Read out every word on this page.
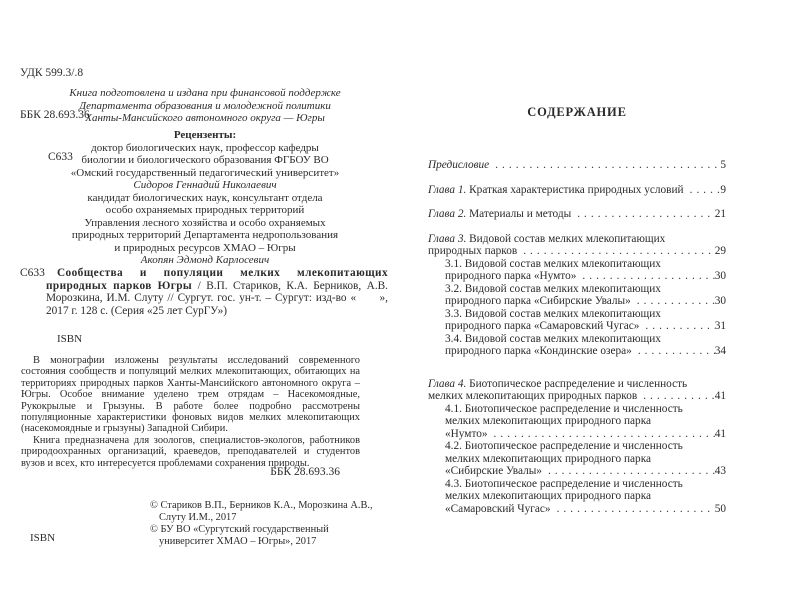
УДК 599.3/.8

ББК 28.693.36

С633

Книга подготовлена и издана при финансовой поддержке
Департамента образования и молодежной политики
Ханты-Мансийского автономного округа — Югры
Рецензенты:
доктор биологических наук, профессор кафедры
биологии и биологического образования ФГБОУ ВО
«Омский государственный педагогический университет»
Сидоров Геннадий Николаевич
кандидат биологических наук, консультант отдела
особо охраняемых природных территорий
Управления лесного хозяйства и особо охраняемых
природных территорий Департамента недропользования
и природных ресурсов ХМАО – Югры
Акопян Эдмонд Карлосевич
С633	Сообщества и популяции мелких млекопитающих природных парков Югры / В.П. Стариков, К.А. Берников, А.В. Морозкина, И.М. Слуту // Сургут. гос. ун-т. – Сургут: изд-во «      », 2017 г. 128 с. (Серия «25 лет СурГУ»)
ISBN

В монографии изложены результаты исследований современного состояния сообществ и популяций мелких млекопитающих, обитающих на территориях природных парков Ханты-Мансийского автономного округа – Югры. Особое внимание уделено трем отрядам – Насекомоядные, Рукокрылые и Грызуны. В работе более подробно рассмотрены популяционные характеристики фоновых видов мелких млекопитающих (насекомоядные и грызуны) Западной Сибири.

Книга предназначена для зоологов, специалистов-экологов, работников природоохранных организаций, краеведов, преподавателей и студентов вузов и всех, кто интересуется проблемами сохранения природы.

ББК 28.693.36
© Стариков В.П., Берников К.А., Морозкина А.В.,
Слуту И.М., 2017
© БУ ВО «Сургутский государственный
университет ХМАО – Югры», 2017
ISBN
СОДЕРЖАНИЕ
Предисловие . . .	5
Глава 1. Краткая характеристика природных условий . . .	9
Глава 2. Материалы и методы . . .	21
Глава 3. Видовой состав мелких млекопитающих
природных парков . . .	29
3.1. Видовой состав мелких млекопитающих
природного парка «Нумто» . . .	30
3.2. Видовой состав мелких млекопитающих
природного парка «Сибирские Увалы» . . .	30
3.3. Видовой состав мелких млекопитающих
природного парка «Самаровский Чугас» . . .	31
3.4. Видовой состав мелких млекопитающих
природного парка «Кондинские озера» . . .	34
Глава 4. Биотопическое распределение и численность
мелких млекопитающих природных парков . . .	41
4.1. Биотопическое распределение и численность
мелких млекопитающих природного парка
«Нумто» . . .	41
4.2. Биотопическое распределение и численность
мелких млекопитающих природного парка
«Сибирские Увалы» . . .	43
4.3. Биотопическое распределение и численность
мелких млекопитающих природного парка
«Самаровский Чугас» . . .	50
